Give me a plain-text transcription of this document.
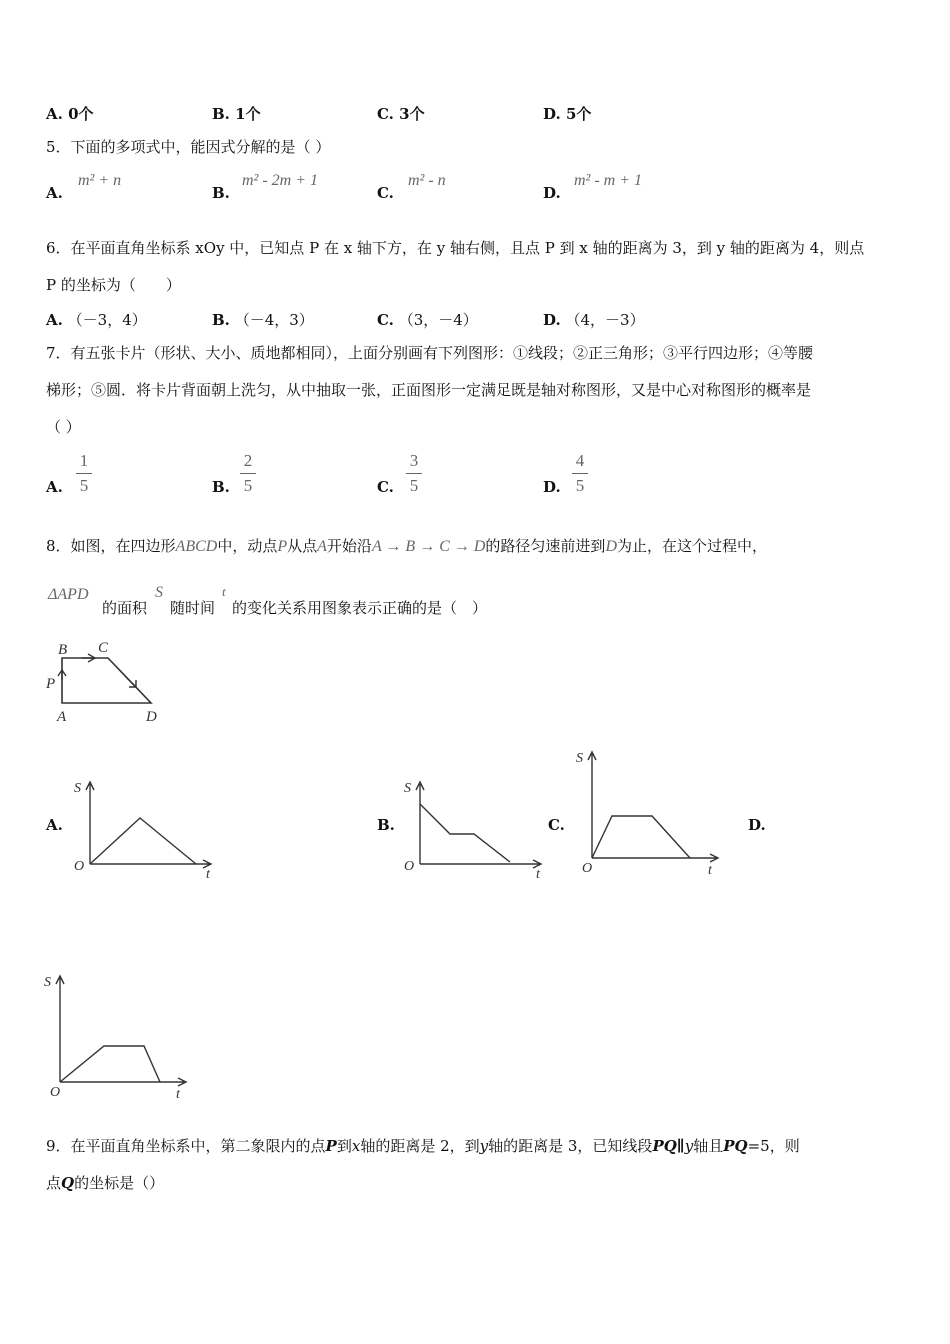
A. 0个	B. 1个	C. 3个	D. 5个
5．下面的多项式中，能因式分解的是（ ）
A.
m² + n
B.
m² - 2m + 1
C.
m² - n
D.
m² - m + 1
6．在平面直角坐标系 xOy 中，已知点 P 在 x 轴下方，在 y 轴右侧，且点 P 到 x 轴的距离为 3，到 y 轴的距离为 4，则点
P 的坐标为（　　）
A. （－3，4）	B. （－4，3）	C. （3，－4）	D. （4，－3）
7．有五张卡片（形状、大小、质地都相同），上面分别画有下列图形：①线段；②正三角形；③平行四边形；④等腰
梯形；⑤圆．将卡片背面朝上洗匀，从中抽取一张，正面图形一定满足既是轴对称图形，又是中心对称图形的概率是
（ ）
A.
1
5	B.
2
5	C.
3
5	D.
4
5
8．如图，在四边形ABCD中，动点P从点A开始沿A → B → C → D的路径匀速前进到D为止，在这个过程中，
ΔAPD
的面积
S
随时间
t
的变化关系用图象表示正确的是（　）
B C
P
A	D
A.
S
O
t
B.
S
O
t
C.
S
O	t
D.
S
O	t
9．在平面直角坐标系中，第二象限内的点P到x轴的距离是 2，到y轴的距离是 3，已知线段PQ∥y轴且PQ=5，则
点Q的坐标是（）
